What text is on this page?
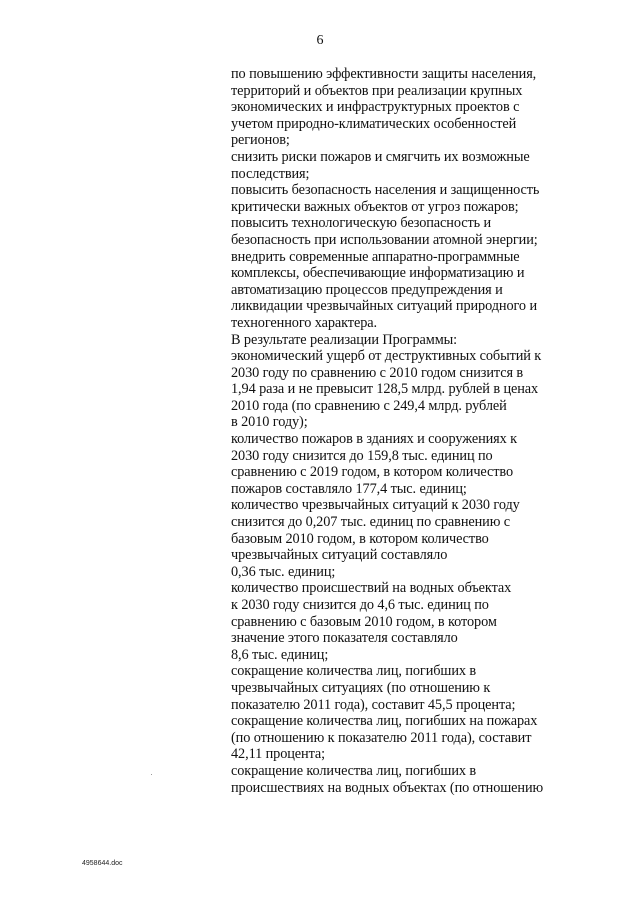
6

по повышению эффективности защиты населения,

территорий и объектов при реализации крупных

экономических и инфраструктурных проектов с

учетом природно-климатических особенностей

регионов;

снизить риски пожаров и смягчить их возможные

последствия;

повысить безопасность населения и защищенность

критически важных объектов от угроз пожаров;

повысить технологическую безопасность и

безопасность при использовании атомной энергии;

внедрить современные аппаратно-программные

комплексы, обеспечивающие информатизацию и

автоматизацию процессов предупреждения и

ликвидации чрезвычайных ситуаций природного и

техногенного характера.

В результате реализации Программы:

экономический ущерб от деструктивных событий к

2030 году по сравнению с 2010 годом снизится в

1,94 раза и не превысит 128,5 млрд. рублей в ценах

2010 года (по сравнению с 249,4 млрд. рублей

в 2010 году);

количество пожаров в зданиях и сооружениях к

2030 году снизится до 159,8 тыс. единиц по

сравнению с 2019 годом, в котором количество

пожаров составляло 177,4 тыс. единиц;

количество чрезвычайных ситуаций к 2030 году

снизится до 0,207 тыс. единиц по сравнению с

базовым 2010 годом, в котором количество

чрезвычайных ситуаций составляло

0,36 тыс. единиц;

количество происшествий на водных объектах

к 2030 году снизится до 4,6 тыс. единиц по

сравнению с базовым 2010 годом, в котором

значение этого показателя составляло

8,6 тыс. единиц;

сокращение количества лиц, погибших в

чрезвычайных ситуациях (по отношению к

показателю 2011 года), составит 45,5 процента;

сокращение количества лиц, погибших на пожарах

(по отношению к показателю 2011 года), составит

42,11 процента;

сокращение количества лиц, погибших в

происшествиях на водных объектах (по отношению

4958644.doc
